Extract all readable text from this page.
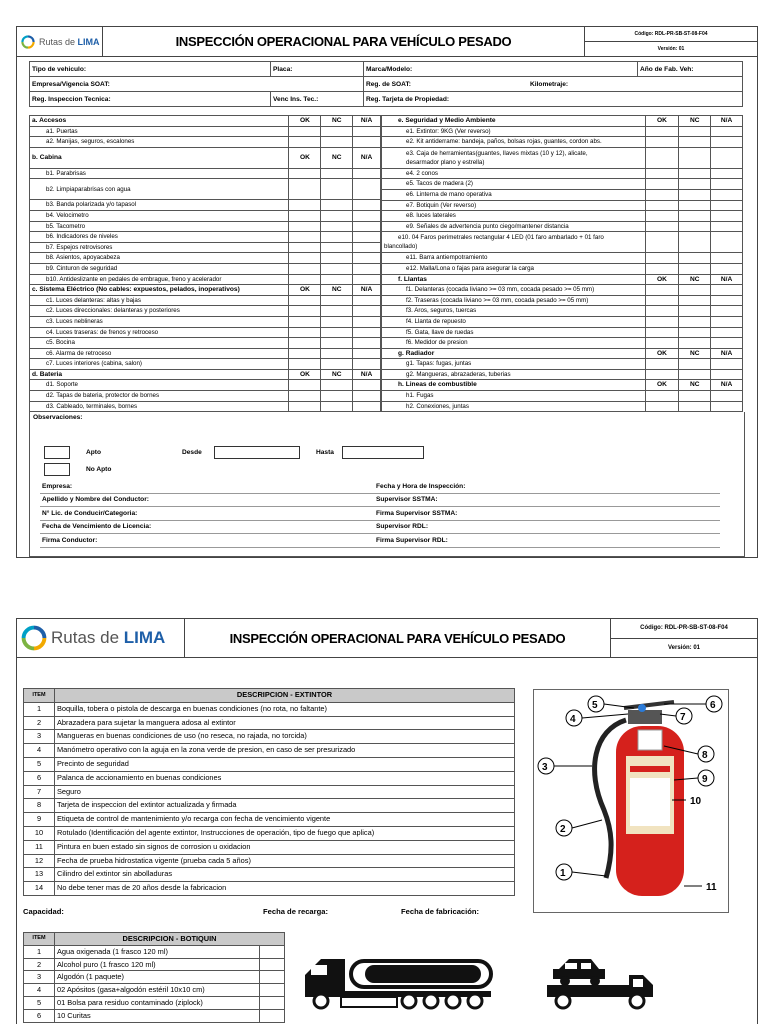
Rutas de LIMA	INSPECCIÓN OPERACIONAL PARA VEHÍCULO PESADO	Código: RDL-PR-SB-ST-08-F04
Versión: 01
Tipo de vehiculo:	Placa:	Marca/Modelo:		Año de Fab. Veh:
Empresa/Vigencia SOAT:		Reg. de SOAT:	Kilometraje:	
Reg. Inspeccion Tecnica:	Venc Ins. Tec.:	Reg. Tarjeta de Propiedad:		
a. Accesos	OK	NC	N/A
a1. Puertas			
a2. Manijas, seguros, escalones			
b. Cabina	OK	NC	N/A
b1. Parabrisas			
b2. Limpiaparabrisas con agua			
b3. Banda polarizada y/o tapasol			
b4. Velocimetro			
b5. Tacometro			
b6. Indicadores de niveles			
b7. Espejos retrovisores			
b8. Asientos, apoyacabeza			
b9. Cinturon de seguridad			
b10. Antideslizante en pedales de embrague, freno y acelerador			
c. Sistema Eléctrico (No cables: expuestos, pelados, inoperativos)	OK	NC	N/A
c1. Luces delanteras: altas y bajas			
c2. Luces direccionales: delanteras y posteriores			
c3. Luces neblineras			
c4. Luces traseras: de frenos y retroceso			
c5. Bocina			
c6. Alarma de retroceso			
c7. Luces interiores (cabina, salon)			
d. Bateria	OK	NC	N/A
d1. Soporte			
d2. Tapas de bateria, protector de bornes			
d3. Cableado, terminales, bornes			
e. Seguridad y Medio Ambiente	OK	NC	N/A
e1. Extintor: 9KG (Ver reverso)			
e2. Kit antiderrame: bandeja, paños, bolsas rojas, guantes, cordon abs.			
e3. Caja de herramientas(guantes, llaves mixtas (10 y 12), alicate,
desarmador plano y estrella)			
e4. 2 conos			
e5. Tacos de madera (2)			
e6. Linterna de mano operativa			
e7. Botiquin (Ver reverso)			
e8. luces laterales			
e9. Señales de advertencia punto ciego/mantener distancia			
e10. 04 Faros perimetrales rectangular 4 LED (01 faro ambarlado + 01 faro
blancollado)			
e11. Barra antiempotramiento			
e12. Malla/Lona o fajas para asegurar la carga			
f. Llantas	OK	NC	N/A
f1. Delanteras (cocada liviano >= 03 mm, cocada pesado >= 05 mm)			
f2. Traseras (cocada liviano >= 03 mm, cocada pesado >= 05 mm)			
f3. Aros, seguros, tuercas			
f4. Llanta de repuesto			
f5. Gata, llave de ruedas			
f6. Medidor de presion			
g. Radiador	OK	NC	N/A
g1. Tapas: fugas, juntas			
g2. Mangueras, abrazaderas, tuberias			
h. Lineas de combustible	OK	NC	N/A
h1. Fugas			
h2. Conexiones, juntas			
Observaciones:
Apto
No Apto
Desde	Hasta
Empresa:	Fecha y Hora de Inspección:
Apellido y Nombre del Conductor:	Supervisor SSTMA:
N° Lic. de Conducir/Categoria:	Firma Supervisor SSTMA:
Fecha de Vencimiento de Licencia:	Supervisor RDL:
Firma Conductor:	Firma Supervisor RDL:
Rutas de LIMA	INSPECCIÓN OPERACIONAL PARA VEHÍCULO PESADO
Código: RDL-PR-SB-ST-08-F04
Versión: 01
ITEM	DESCRIPCION - EXTINTOR
1	Boquilla, tobera o pistola de descarga en buenas condiciones (no rota, no faltante)
2	Abrazadera para sujetar la manguera adosa al extintor
3	Mangueras en buenas condiciones de uso (no reseca, no rajada, no torcida)
4	Manómetro operativo con la aguja en la zona verde de presion, en caso de ser presurizado
5	Precinto de seguridad
6	Palanca de accionamiento en buenas condiciones
7	Seguro
8	Tarjeta de inspeccion del extintor actualizada y firmada
9	Etiqueta de control de mantenimiento y/o recarga con fecha de vencimiento vigente
10	Rotulado (Identificación del agente extintor, Instrucciones de operación, tipo de fuego que aplica)
11	Pintura en buen estado sin signos de corrosion u oxidacion
12	Fecha de prueba hidrostatica vigente (prueba cada 5 años)
13	Cilindro del extintor sin abolladuras
14	No debe tener mas de 20 años desde la fabricacion
Capacidad:	Fecha de recarga:	Fecha de fabricación:
5	6
4	7
8
3
9
10
2
1
11
ITEM	DESCRIPCION - BOTIQUIN	
1	Agua oxigenada (1 frasco 120 ml)	
2	Alcohol puro (1 frasco 120 ml)	
3	Algodón (1 paquete)	
4	02 Apósitos (gasa+algodón estéril 10x10 cm)	
5	01 Bolsa para residuo contaminado (ziplock)	
6	10 Curitas	
